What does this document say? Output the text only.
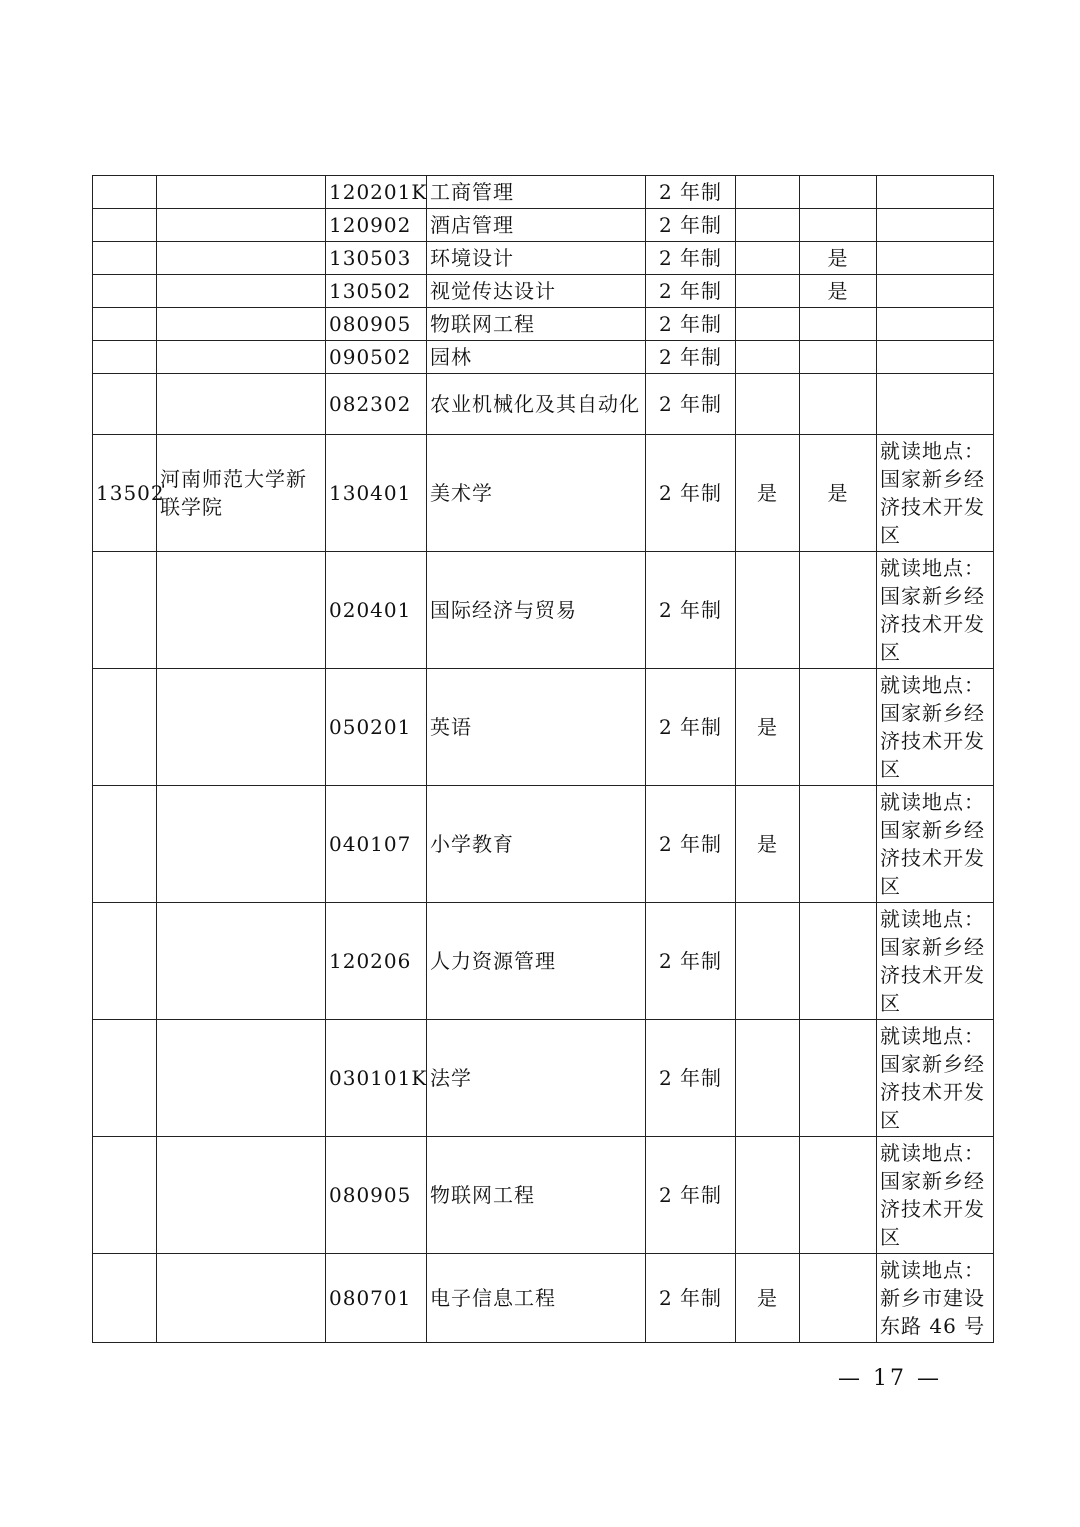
		120201K	工商管理	2 年制			
		120902	酒店管理	2 年制			
		130503	环境设计	2 年制		是	
		130502	视觉传达设计	2 年制		是	
		080905	物联网工程	2 年制			
		090502	园林	2 年制			
		082302	农业机械化及其自动化	2 年制			
13502	河南师范大学新联学院	130401	美术学	2 年制	是	是	就读地点：国家新乡经济技术开发区
		020401	国际经济与贸易	2 年制			就读地点：国家新乡经济技术开发区
		050201	英语	2 年制	是		就读地点：国家新乡经济技术开发区
		040107	小学教育	2 年制	是		就读地点：国家新乡经济技术开发区
		120206	人力资源管理	2 年制			就读地点：国家新乡经济技术开发区
		030101K	法学	2 年制			就读地点：国家新乡经济技术开发区
		080905	物联网工程	2 年制			就读地点：国家新乡经济技术开发区
		080701	电子信息工程	2 年制	是		就读地点：新乡市建设东路 46 号
— 17 —
